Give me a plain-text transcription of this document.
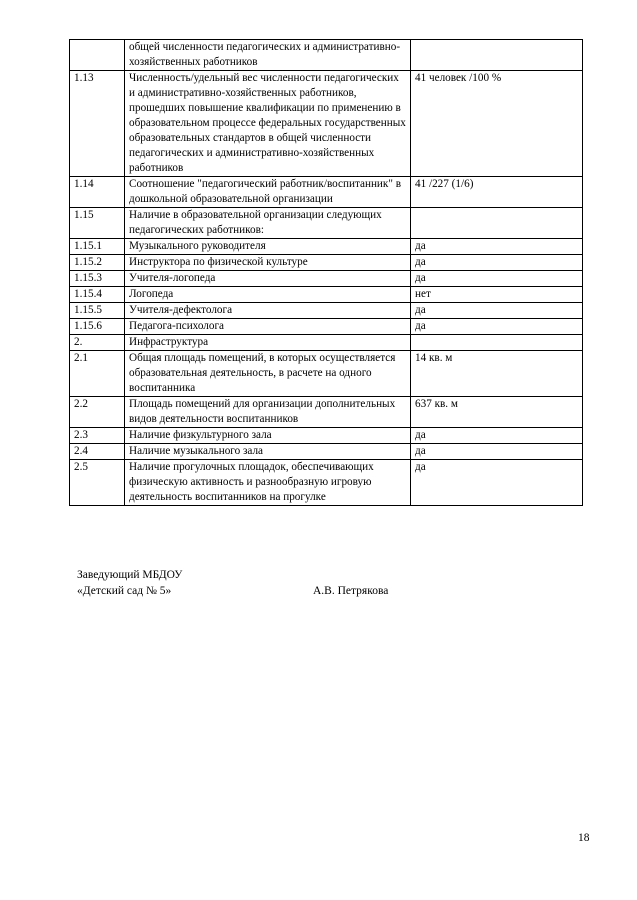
	общей численности педагогических и административно-хозяйственных работников	
1.13	Численность/удельный вес численности педагогических и административно-хозяйственных работников, прошедших повышение квалификации по применению в образовательном процессе федеральных государственных образовательных стандартов в общей численности педагогических и административно-хозяйственных работников	41 человек /100 %
1.14	Соотношение "педагогический работник/воспитанник" в дошкольной образовательной организации	41 /227 (1/6)
1.15	Наличие в образовательной организации следующих педагогических работников:	
1.15.1	Музыкального руководителя	да
1.15.2	Инструктора по физической культуре	да
1.15.3	Учителя-логопеда	да
1.15.4	Логопеда	нет
1.15.5	Учителя-дефектолога	да
1.15.6	Педагога-психолога	да
2.	Инфраструктура	
2.1	Общая площадь помещений, в которых осуществляется образовательная деятельность, в расчете на одного воспитанника	14 кв. м
2.2	Площадь помещений для организации дополнительных видов деятельности воспитанников	637 кв. м
2.3	Наличие физкультурного зала	да
2.4	Наличие музыкального зала	да
2.5	Наличие прогулочных площадок, обеспечивающих физическую активность и разнообразную игровую деятельность воспитанников на прогулке	да
Заведующий МБДОУ
«Детский сад № 5»	А.В. Петрякова
18
